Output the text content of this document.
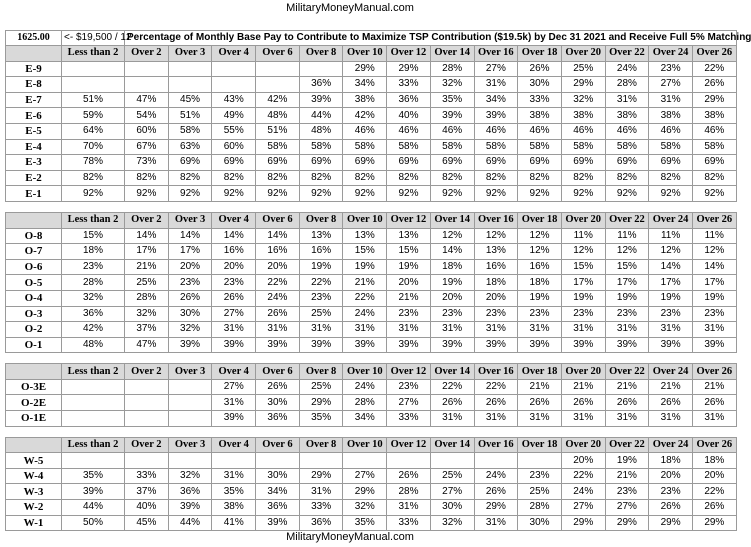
MilitaryMoneyManual.com
1625.00	<- $19,500 / 12	Percentage of Monthly Base Pay to Contribute to Maximize TSP Contribution ($19.5k) by Dec 31 2021 and Receive Full 5% Matching													
	Less than 2	Over 2	Over 3	Over 4	Over 6	Over 8	Over 10	Over 12	Over 14	Over 16	Over 18	Over 20	Over 22	Over 24	Over 26
E-9							29%	29%	28%	27%	26%	25%	24%	23%	22%
E-8						36%	34%	33%	32%	31%	30%	29%	28%	27%	26%
E-7	51%	47%	45%	43%	42%	39%	38%	36%	35%	34%	33%	32%	31%	31%	29%
E-6	59%	54%	51%	49%	48%	44%	42%	40%	39%	39%	38%	38%	38%	38%	38%
E-5	64%	60%	58%	55%	51%	48%	46%	46%	46%	46%	46%	46%	46%	46%	46%
E-4	70%	67%	63%	60%	58%	58%	58%	58%	58%	58%	58%	58%	58%	58%	58%
E-3	78%	73%	69%	69%	69%	69%	69%	69%	69%	69%	69%	69%	69%	69%	69%
E-2	82%	82%	82%	82%	82%	82%	82%	82%	82%	82%	82%	82%	82%	82%	82%
E-1	92%	92%	92%	92%	92%	92%	92%	92%	92%	92%	92%	92%	92%	92%	92%

	Less than 2	Over 2	Over 3	Over 4	Over 6	Over 8	Over 10	Over 12	Over 14	Over 16	Over 18	Over 20	Over 22	Over 24	Over 26
O-8	15%	14%	14%	14%	14%	13%	13%	13%	12%	12%	12%	11%	11%	11%	11%
O-7	18%	17%	17%	16%	16%	16%	15%	15%	14%	13%	12%	12%	12%	12%	12%
O-6	23%	21%	20%	20%	20%	19%	19%	19%	18%	16%	16%	15%	15%	14%	14%
O-5	28%	25%	23%	23%	22%	22%	21%	20%	19%	18%	18%	17%	17%	17%	17%
O-4	32%	28%	26%	26%	24%	23%	22%	21%	20%	20%	19%	19%	19%	19%	19%
O-3	36%	32%	30%	27%	26%	25%	24%	23%	23%	23%	23%	23%	23%	23%	23%
O-2	42%	37%	32%	31%	31%	31%	31%	31%	31%	31%	31%	31%	31%	31%	31%
O-1	48%	47%	39%	39%	39%	39%	39%	39%	39%	39%	39%	39%	39%	39%	39%

	Less than 2	Over 2	Over 3	Over 4	Over 6	Over 8	Over 10	Over 12	Over 14	Over 16	Over 18	Over 20	Over 22	Over 24	Over 26
O-3E				27%	26%	25%	24%	23%	22%	22%	21%	21%	21%	21%	21%
O-2E				31%	30%	29%	28%	27%	26%	26%	26%	26%	26%	26%	26%
O-1E				39%	36%	35%	34%	33%	31%	31%	31%	31%	31%	31%	31%

	Less than 2	Over 2	Over 3	Over 4	Over 6	Over 8	Over 10	Over 12	Over 14	Over 16	Over 18	Over 20	Over 22	Over 24	Over 26
W-5												20%	19%	18%	18%
W-4	35%	33%	32%	31%	30%	29%	27%	26%	25%	24%	23%	22%	21%	20%	20%
W-3	39%	37%	36%	35%	34%	31%	29%	28%	27%	26%	25%	24%	23%	23%	22%
W-2	44%	40%	39%	38%	36%	33%	32%	31%	30%	29%	28%	27%	27%	26%	26%
W-1	50%	45%	44%	41%	39%	36%	35%	33%	32%	31%	30%	29%	29%	29%	29%
MilitaryMoneyManual.com
